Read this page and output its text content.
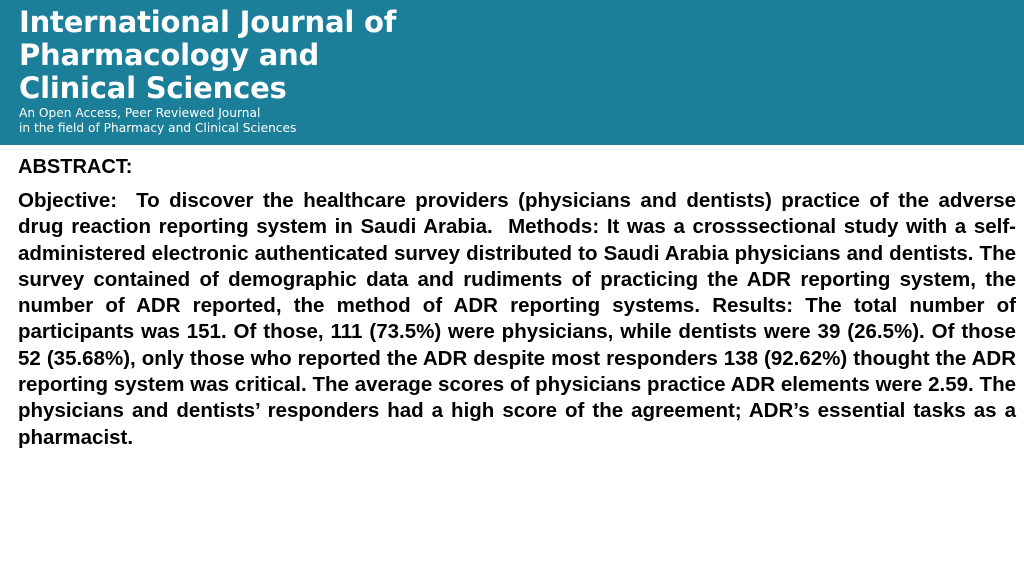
International Journal of
Pharmacology and
Clinical Sciences
An Open Access, Peer Reviewed Journal
in the field of Pharmacy and Clinical Sciences
ABSTRACT:

Objective: To discover the healthcare providers (physicians and dentists) practice of the adverse drug reaction reporting system in Saudi Arabia. Methods: It was a crosssectional study with a self-administered electronic authenticated survey distributed to Saudi Arabia physicians and dentists. The survey contained of demographic data and rudiments of practicing the ADR reporting system, the number of ADR reported, the method of ADR reporting systems. Results: The total number of participants was 151. Of those, 111 (73.5%) were physicians, while dentists were 39 (26.5%). Of those 52 (35.68%), only those who reported the ADR despite most responders 138 (92.62%) thought the ADR reporting system was critical. The average scores of physicians practice ADR elements were 2.59. The physicians and dentists’ responders had a high score of the agreement; ADR’s essential tasks as a pharmacist.
